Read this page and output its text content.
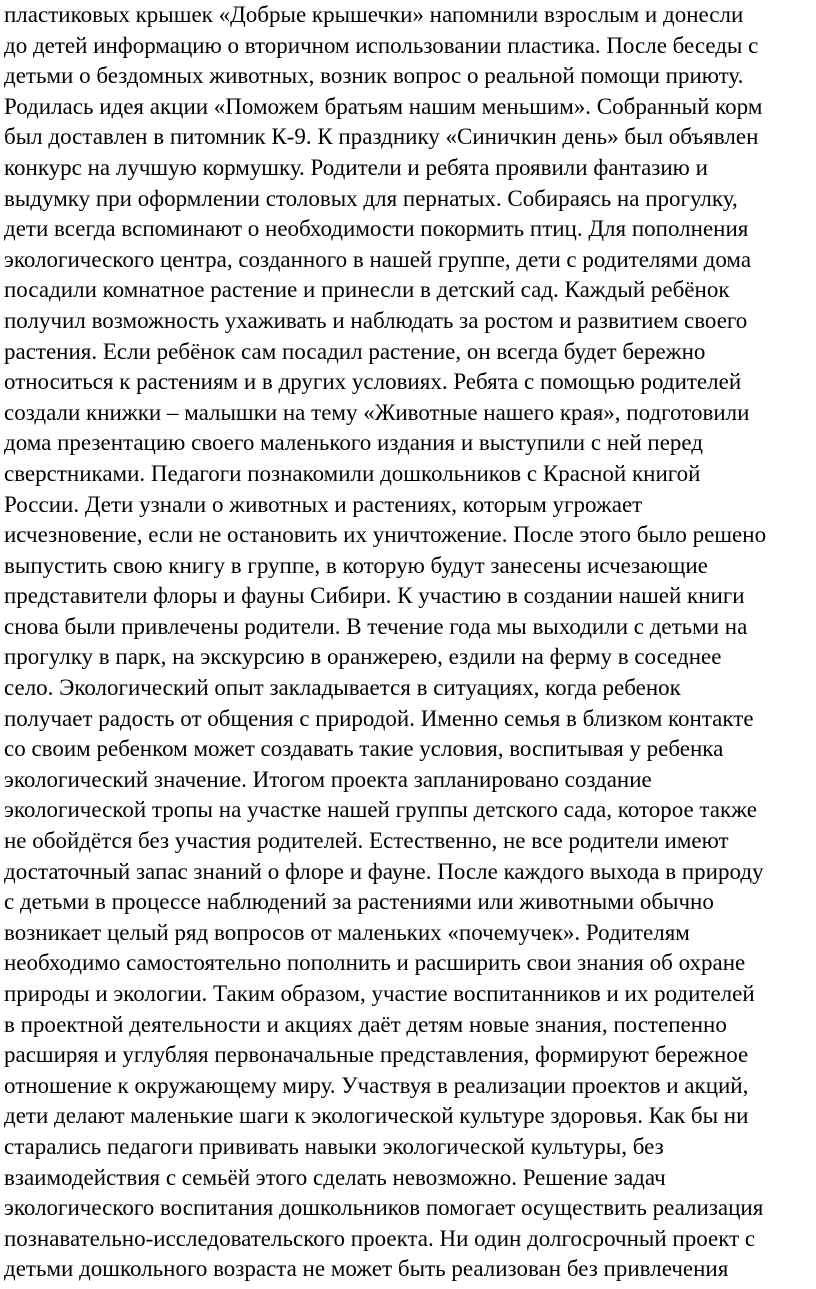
пластиковых крышек «Добрые крышечки» напомнили взрослым и донесли
до детей информацию о вторичном использовании пластика. После беседы с
детьми о бездомных животных, возник вопрос о реальной помощи приюту.
Родилась идея акции «Поможем братьям нашим меньшим». Собранный корм
был доставлен в питомник К-9. К празднику «Синичкин день» был объявлен
конкурс на лучшую кормушку. Родители и ребята проявили фантазию и
выдумку при оформлении столовых для пернатых. Собираясь на прогулку,
дети всегда вспоминают о необходимости покормить птиц. Для пополнения
экологического центра, созданного в нашей группе, дети с родителями дома
посадили комнатное растение и принесли в детский сад. Каждый ребёнок
получил возможность ухаживать и наблюдать за ростом и развитием своего
растения. Если ребёнок сам посадил растение, он всегда будет бережно
относиться к растениям и в других условиях. Ребята с помощью родителей
создали книжки – малышки на тему «Животные нашего края», подготовили
дома презентацию своего маленького издания и выступили с ней перед
сверстниками. Педагоги познакомили дошкольников с Красной книгой
России. Дети узнали о животных и растениях, которым угрожает
исчезновение, если не остановить их уничтожение. После этого было решено
выпустить свою книгу в группе, в которую будут занесены исчезающие
представители флоры и фауны Сибири. К участию в создании нашей книги
снова были привлечены родители. В течение года мы выходили с детьми на
прогулку в парк, на экскурсию в оранжерею, ездили на ферму в соседнее
село. Экологический опыт закладывается в ситуациях, когда ребенок
получает радость от общения с природой. Именно семья в близком контакте
со своим ребенком может создавать такие условия, воспитывая у ребенка
экологический значение. Итогом проекта запланировано создание
экологической тропы на участке нашей группы детского сада, которое также
не обойдётся без участия родителей. Естественно, не все родители имеют
достаточный запас знаний о флоре и фауне. После каждого выхода в природу
с детьми в процессе наблюдений за растениями или животными обычно
возникает целый ряд вопросов от маленьких «почемучек». Родителям
необходимо самостоятельно пополнить и расширить свои знания об охране
природы и экологии. Таким образом, участие воспитанников и их родителей
в проектной деятельности и акциях даёт детям новые знания, постепенно
расширяя и углубляя первоначальные представления, формируют бережное
отношение к окружающему миру. Участвуя в реализации проектов и акций,
дети делают маленькие шаги к экологической культуре здоровья. Как бы ни
старались педагоги прививать навыки экологической культуры, без
взаимодействия с семьёй этого сделать невозможно. Решение задач
экологического воспитания дошкольников помогает осуществить реализация
познавательно-исследовательского проекта. Ни один долгосрочный проект с
детьми дошкольного возраста не может быть реализован без привлечения
